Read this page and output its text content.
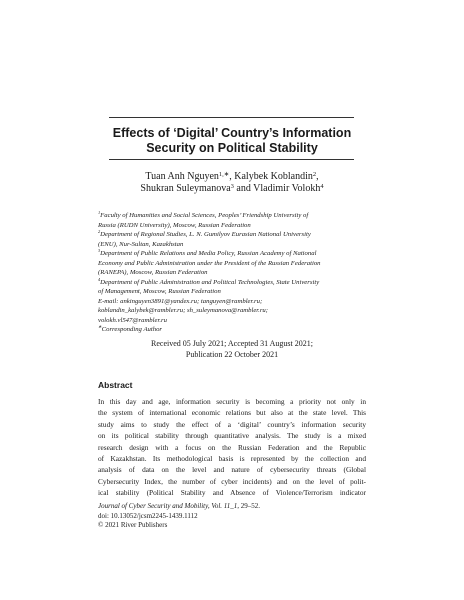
Effects of ‘Digital’ Country’s Information
Security on Political Stability
Tuan Anh Nguyen$^{1,∗}$, Kalybek Koblandin$^2$,
Shukran Suleymanova$^3$ and Vladimir Volokh$^4$
$^1$Faculty of Humanities and Social Sciences, Peoples’ Friendship University of
Russia (RUDN University), Moscow, Russian Federation
$^2$Department of Regional Studies, L. N. Gumilyov Eurasian National University
(ENU), Nur-Sultan, Kazakhstan
$^3$Department of Public Relations and Media Policy, Russian Academy of National
Economy and Public Administration under the President of the Russian Federation
(RANEPA), Moscow, Russian Federation
$^4$Department of Public Administration and Political Technologies, State University
of Management, Moscow, Russian Federation
E-mail: ankinguyen3891@yandex.ru; tanguyen@rambler.ru;
koblandin_kalybek@rambler.ru; sh_suleymanova@rambler.ru;
volokh.vl547@rambler.ru
∗Corresponding Author
Received 05 July 2021; Accepted 31 August 2021;
Publication 22 October 2021
Abstract
In this day and age, information security is becoming a priority not only in
the system of international economic relations but also at the state level. This
study aims to study the effect of a ‘digital’ country’s information security
on its political stability through quantitative analysis. The study is a mixed
research design with a focus on the Russian Federation and the Republic
of Kazakhstan. Its methodological basis is represented by the collection and
analysis of data on the level and nature of cybersecurity threats (Global
Cybersecurity Index, the number of cyber incidents) and on the level of polit-
ical stability (Political Stability and Absence of Violence/Terrorism indicator
Journal of Cyber Security and Mobility, Vol. 11_1, 29–52.
doi: 10.13052/jcsm2245-1439.1112
© 2021 River Publishers
